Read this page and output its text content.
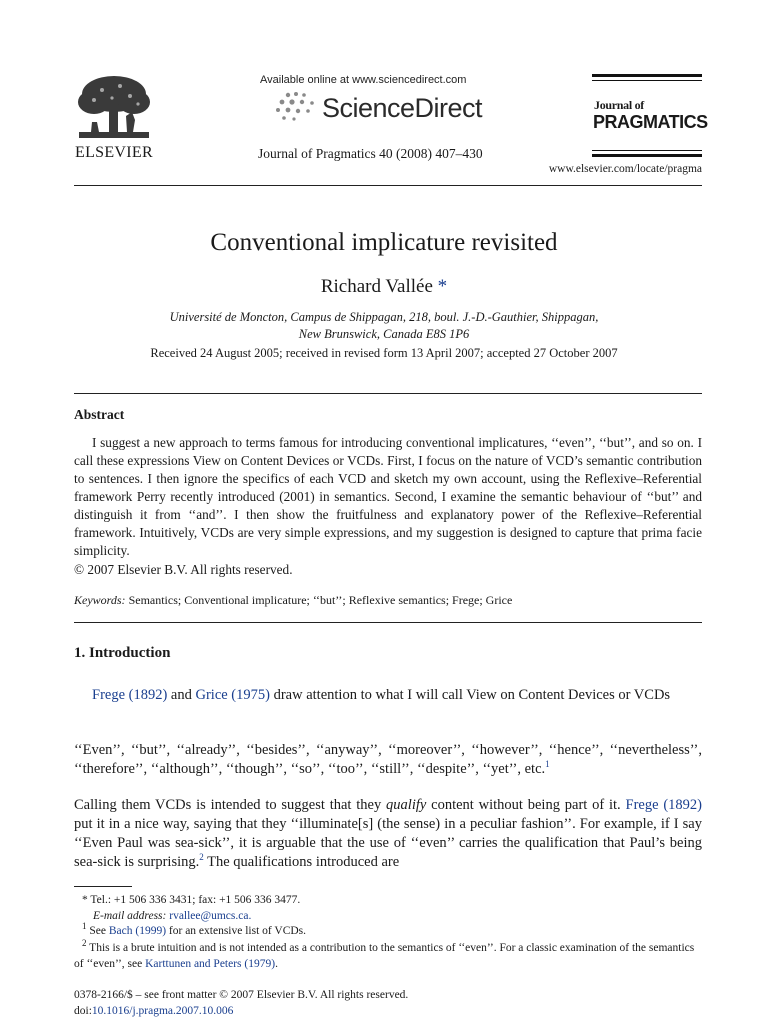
ELSEVIER
Available online at www.sciencedirect.com
ScienceDirect
Journal of Pragmatics 40 (2008) 407–430
Journal of
PRAGMATICS
www.elsevier.com/locate/pragma
Conventional implicature revisited
Richard Vallée *
Université de Moncton, Campus de Shippagan, 218, boul. J.-D.-Gauthier, Shippagan,
New Brunswick, Canada E8S 1P6
Received 24 August 2005; received in revised form 13 April 2007; accepted 27 October 2007
Abstract
I suggest a new approach to terms famous for introducing conventional implicatures, ‘‘even’’, ‘‘but’’, and so on. I call these expressions View on Content Devices or VCDs. First, I focus on the nature of VCD’s semantic contribution to sentences. I then ignore the specifics of each VCD and sketch my own account, using the Reflexive–Referential framework Perry recently introduced (2001) in semantics. Second, I examine the semantic behaviour of ‘‘but’’ and distinguish it from ‘‘and’’. I then show the fruitfulness and explanatory power of the Reflexive–Referential framework. Intuitively, VCDs are very simple expressions, and my suggestion is designed to capture that prima facie simplicity.
© 2007 Elsevier B.V. All rights reserved.
Keywords: Semantics; Conventional implicature; ‘‘but’’; Reflexive semantics; Frege; Grice
1. Introduction
Frege (1892) and Grice (1975) draw attention to what I will call View on Content Devices or VCDs
‘‘Even’’, ‘‘but’’, ‘‘already’’, ‘‘besides’’, ‘‘anyway’’, ‘‘moreover’’, ‘‘however’’, ‘‘hence’’, ‘‘nevertheless’’, ‘‘therefore’’, ‘‘although’’, ‘‘though’’, ‘‘so’’, ‘‘too’’, ‘‘still’’, ‘‘despite’’, ‘‘yet’’, etc.$^1$
Calling them VCDs is intended to suggest that they qualify content without being part of it. Frege (1892) put it in a nice way, saying that they ‘‘illuminate[s] (the sense) in a peculiar fashion’’. For example, if I say ‘‘Even Paul was sea-sick’’, it is arguable that the use of ‘‘even’’ carries the qualification that Paul’s being sea-sick is surprising.$^2$ The qualifications introduced are
* Tel.: +1 506 336 3431; fax: +1 506 336 3477.
E-mail address: rvallee@umcs.ca.
$^1$ See Bach (1999) for an extensive list of VCDs.
$^2$ This is a brute intuition and is not intended as a contribution to the semantics of ‘‘even’’. For a classic examination of the semantics of ‘‘even’’, see Karttunen and Peters (1979).
0378-2166/$ – see front matter © 2007 Elsevier B.V. All rights reserved.
doi:10.1016/j.pragma.2007.10.006
